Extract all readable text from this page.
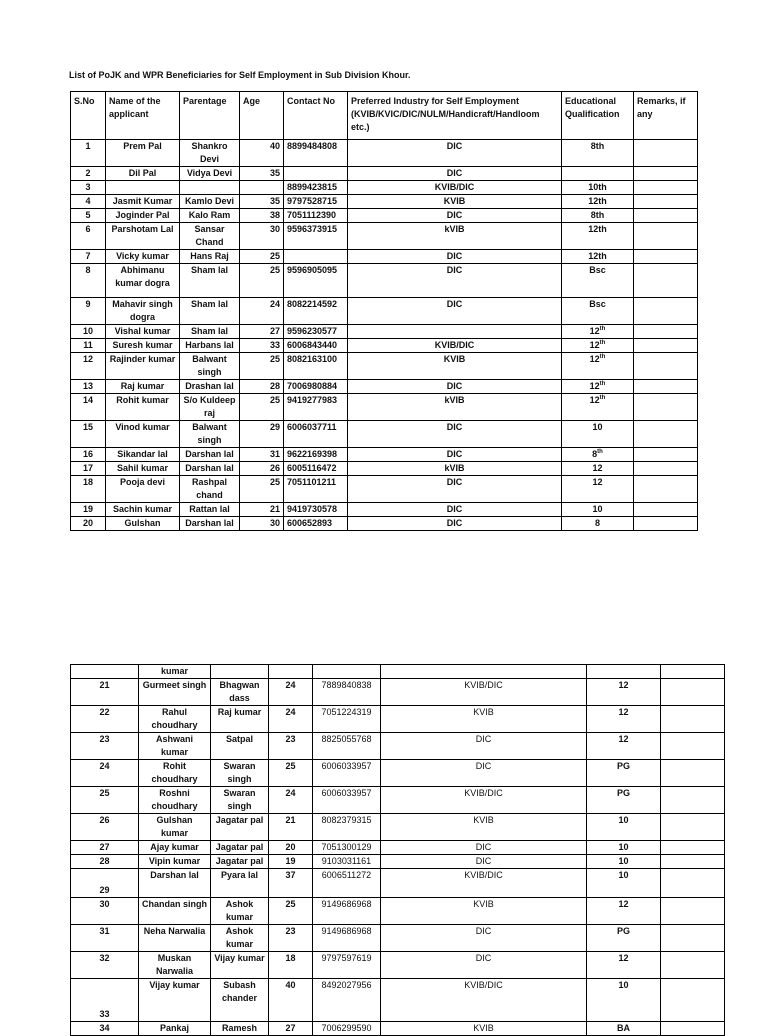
List of PoJK and WPR Beneficiaries for Self Employment in Sub Division Khour.
S.No	Name of the applicant	Parentage	Age	Contact No	Preferred Industry for Self Employment (KVIB/KVIC/DIC/NULM/Handicraft/Handloom etc.)	Educational Qualification	Remarks, if any
1	Prem Pal	Shankro Devi	40	8899484808	DIC	8th	
2	Dil Pal	Vidya Devi	35		DIC		
3				8899423815	KVIB/DIC	10th	
4	Jasmit Kumar	Kamlo Devi	35	9797528715	KVIB	12th	
5	Joginder Pal	Kalo Ram	38	7051112390	DIC	8th	
6	Parshotam Lal	Sansar Chand	30	9596373915	kVIB	12th	
7	Vicky kumar	Hans Raj	25		DIC	12th	
8	Abhimanu kumar dogra	Sham lal	25	9596905095	DIC	Bsc	
9	Mahavir singh dogra	Sham lal	24	8082214592	DIC	Bsc	
10	Vishal kumar	Sham lal	27	9596230577		12th	
11	Suresh kumar	Harbans lal	33	6006843440	KVIB/DIC	12th	
12	Rajinder kumar	Balwant singh	25	8082163100	KVIB	12th	
13	Raj kumar	Drashan lal	28	7006980884	DIC	12th	
14	Rohit kumar	S/o Kuldeep raj	25	9419277983	kVIB	12th	
15	Vinod kumar	Balwant singh	29	6006037711	DIC	10	
16	Sikandar lal	Darshan lal	31	9622169398	DIC	8th	
17	Sahil kumar	Darshan lal	26	6005116472	kVIB	12	
18	Pooja devi	Rashpal chand	25	7051101211	DIC	12	
19	Sachin kumar	Rattan lal	21	9419730578	DIC	10	
20	Gulshan	Darshan lal	30	600652893	DIC	8	
	kumar						
21	Gurmeet singh	Bhagwan dass	24	7889840838	KVIB/DIC	12	
22	Rahul choudhary	Raj kumar	24	7051224319	KVIB	12	
23	Ashwani kumar	Satpal	23	8825055768	DIC	12	
24	Rohit choudhary	Swaran singh	25	6006033957	DIC	PG	
25	Roshni choudhary	Swaran singh	24	6006033957	KVIB/DIC	PG	
26	Gulshan kumar	Jagatar pal	21	8082379315	KVIB	10	
27	Ajay kumar	Jagatar pal	20	7051300129	DIC	10	
28	Vipin kumar	Jagatar pal	19	9103031161	DIC	10	
29	Darshan lal	Pyara lal	37	6006511272	KVIB/DIC	10	
30	Chandan singh	Ashok kumar	25	9149686968	KVIB	12	
31	Neha Narwalia	Ashok kumar	23	9149686968	DIC	PG	
32	Muskan Narwalia	Vijay kumar	18	9797597619	DIC	12	
33	Vijay kumar	Subash chander	40	8492027956	KVIB/DIC	10	
34	Pankaj	Ramesh	27	7006299590	KVIB	BA	
